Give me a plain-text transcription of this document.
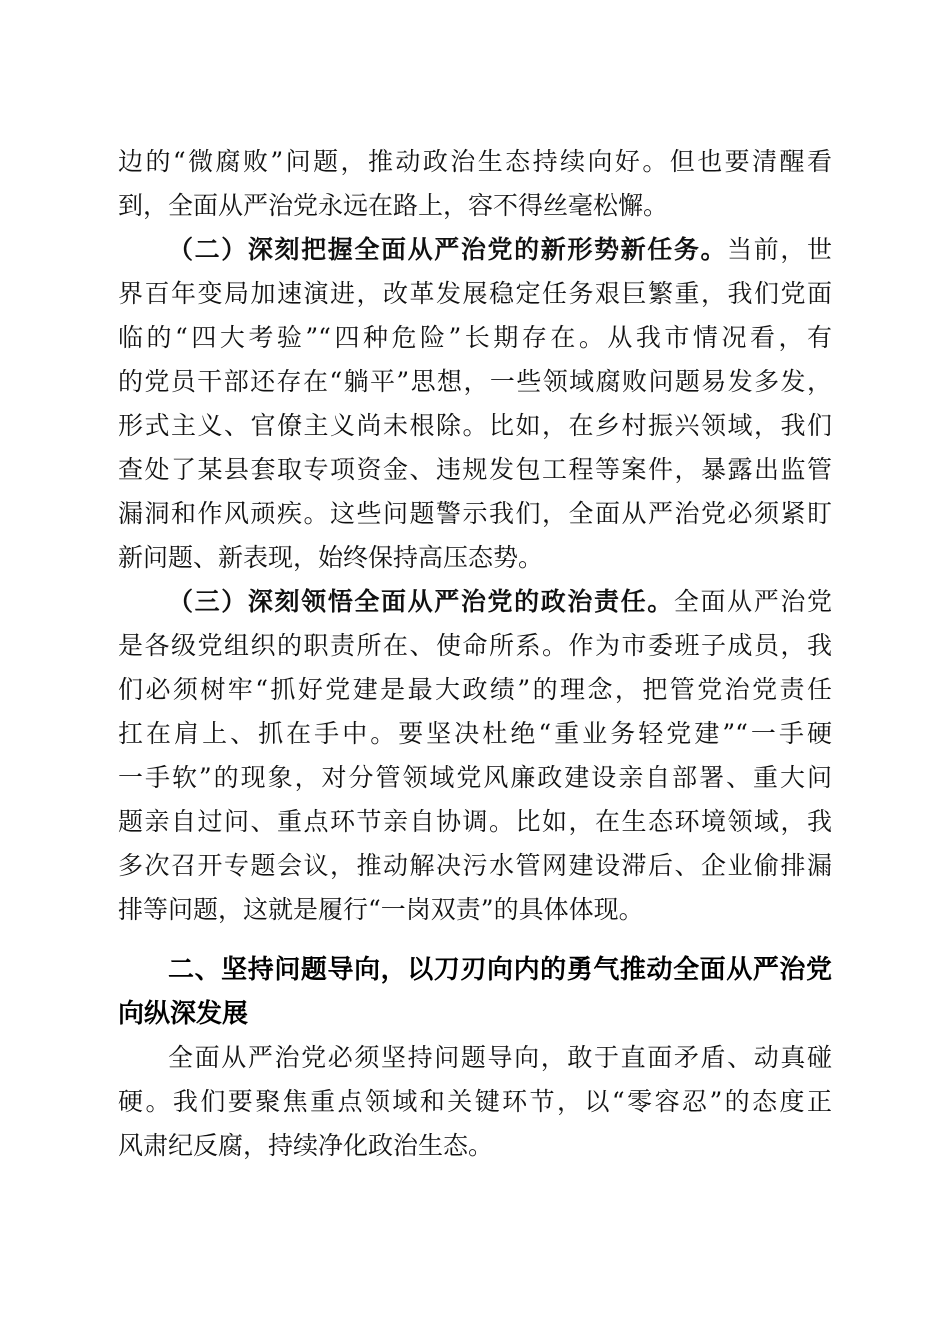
边的“微腐败”问题，推动政治生态持续向好。但也要清醒看
到，全面从严治党永远在路上，容不得丝毫松懈。
（二）深刻把握全面从严治党的新形势新任务。当前，世
界百年变局加速演进，改革发展稳定任务艰巨繁重，我们党面
临的“四大考验”“四种危险”长期存在。从我市情况看，有
的党员干部还存在“躺平”思想，一些领域腐败问题易发多发，
形式主义、官僚主义尚未根除。比如，在乡村振兴领域，我们
查处了某县套取专项资金、违规发包工程等案件，暴露出监管
漏洞和作风顽疾。这些问题警示我们，全面从严治党必须紧盯
新问题、新表现，始终保持高压态势。
（三）深刻领悟全面从严治党的政治责任。全面从严治党
是各级党组织的职责所在、使命所系。作为市委班子成员，我
们必须树牢“抓好党建是最大政绩”的理念，把管党治党责任
扛在肩上、抓在手中。要坚决杜绝“重业务轻党建”“一手硬
一手软”的现象，对分管领域党风廉政建设亲自部署、重大问
题亲自过问、重点环节亲自协调。比如，在生态环境领域，我
多次召开专题会议，推动解决污水管网建设滞后、企业偷排漏
排等问题，这就是履行“一岗双责”的具体体现。
二、坚持问题导向，以刀刃向内的勇气推动全面从严治党
向纵深发展
全面从严治党必须坚持问题导向，敢于直面矛盾、动真碰
硬。我们要聚焦重点领域和关键环节，以“零容忍”的态度正
风肃纪反腐，持续净化政治生态。
